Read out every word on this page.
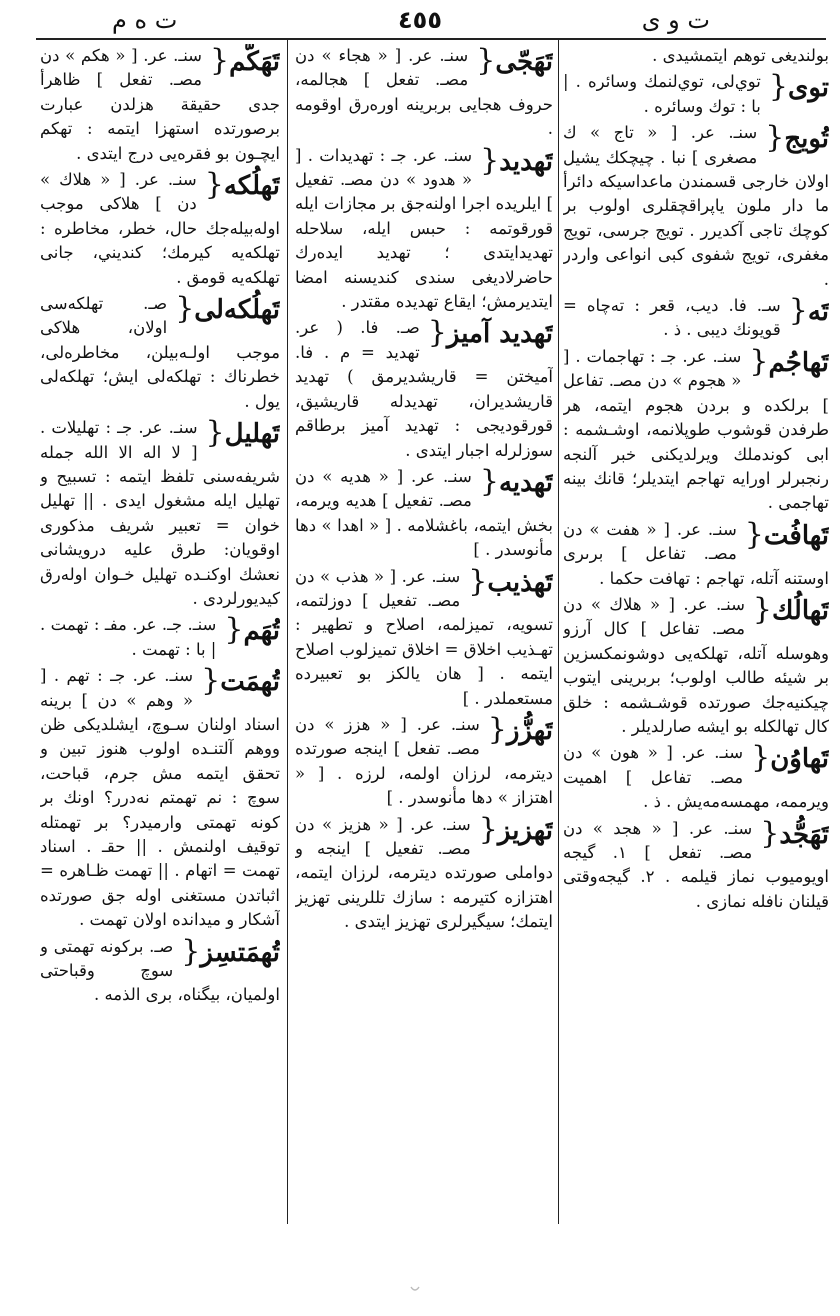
ت و ى
٤٥٥
ت ه م
بولنديغى توهم ايتمشيدى .
توى{
توي‌لى، توي‌لنمك وسائره . | با : توك وسائره .
تُويج{
سنـ. عر. [ « تاج » ك مصغرى ] نبا . چيچكك يشيل اولان خارجى قسمندن ماعداسيكه دائرأ ما دار ملون ياپراقچقلرى اولوب بر كوچك تاجى آكديرر . تويج جرسى، تويج مغفرى، تويج شفوى كبى انواعى واردر .
تَه{
سـ. فا. ديب، قعر : ته‌چاه = قويونك ديبى . ذ .
تَهاجُم{
سنـ. عر. جـ : تهاجمات . [ « هجوم » دن مصـ. تفاعل ] برلكده و بردن هجوم ايتمه، هر طرفدن قوشوب طوپلانمه، اوشـشمه : ابى كوندملك ويرلديكنى خبر آلنجه رنجبرلر اورايه تهاجم ايتديلر؛ قانك بينه تهاجمى .
تَهافُت{
سنـ. عر. [ « هفت » دن مصـ. تفاعل ] برىرى اوستنه آتله، تهاجم : تهافت حكما .
تَهالُك{
سنـ. عر. [ « هلاك » دن مصـ. تفاعل ] كال آرزو وهوسله آتله، تهلكه‌يى دوشونمكسزين بر شيئه طالب اولوب؛ بربرينى ايتوب چيكنيه‌جك صورتده قوشـشمه : خلق كال تهالكله بو ايشه صارلديلر .
تَهاوُن{
سنـ. عر. [ « هون » دن مصـ. تفاعل ] اهميت ويرممه، مهمسه‌مه‌يش . ذ .
تَهَجُّد{
سنـ. عر. [ « هجد » دن مصـ. تفعل ] ١. گيجه اويوميوب نماز قيلمه . ٢. گيجه‌وقتى قيلنان نافله نمازى .
تَهَجّى{
سنـ. عر. [ « هجاء » دن مصـ. تفعل ] هجالمه، حروف هجايى بربرينه اوره‌رق اوقومه .
تَهديد{
سنـ. عر. جـ : تهديدات . [ « هدود » دن مصـ. تفعيل ] ايلريده اجرا اولنه‌جق بر مجازات ايله قورقوتمه : حبس ايله، سلاحله تهديدايتدى ؛ تهديد ايده‌رك حاضرلاديغى سندى كنديسنه امضا ايتديرمش؛ ايقاع تهديده مقتدر .
تَهديد آميز{
صـ. فا. ( عر. تهديد = م . فا. آميختن = قاريشديرمق ) تهديد قاريشديران، تهديدله قاريشيق، قورقوديجى : تهديد آميز برطاقم سوزلرله اجبار ايتدى .
تَهديه{
سنـ. عر. [ « هديه » دن مصـ. تفعيل ] هديه ويرمه، بخش ايتمه، باغشلامه . [ « اهدا » دها مأنوسدر . ]
تَهذيب{
سنـ. عر. [ « هذب » دن مصـ. تفعيل ] دوزلتمه، تسويه، تميزلمه، اصلاح و تطهير : تهـذيب اخلاق = اخلاق تميزلوب اصلاح ايتمه . [ هان يالكز بو تعبيرده مستعملدر . ]
تَهزُّز{
سنـ. عر. [ « هزز » دن مصـ. تفعل ] اينجه صورتده ديترمه، لرزان اولمه، لرزه . [ « اهتزاز » دها مأنوسدر . ]
تَهزيز{
سنـ. عر. [ « هزيز » دن مصـ. تفعيل ] اينجه و دواملى صورتده ديترمه، لرزان ايتمه، اهتزازه كتيرمه : سازك تللرينى تهزيز ايتمك؛ سيگيرلرى تهزيز ايتدى .
تَهَكُّم{
سنـ. عر. [ « هكم » دن مصـ. تفعل ] ظاهرأ جدى حقيقة هزلدن عبارت برصورتده استهزا ايتمه : تهكم ايچـون بو فقره‌يى درج ايتدى .
تَهلُكه{
سنـ. عر. [ « هلاك » دن ] هلاكى موجب اوله‌بيله‌جك حال، خطر، مخاطره : تهلكه‌يه كيرمك؛ كنديني، جانى تهلكه‌يه قومق .
تَهلُكه‌لى{
صـ. تهلكه‌سى اولان، هلاكى موجب اولـه‌بيلن، مخاطره‌لى، خطرناك : تهلكه‌لى ايش؛ تهلكه‌لى يول .
تَهليل{
سنـ. عر. جـ : تهليلات . [ لا اله الا الله جمله شريفه‌سنى تلفظ ايتمه : تسبيح و تهليل ايله مشغول ايدى . || تهليل خوان = تعبير شريف مذكورى اوقويان: طرق عليه درويشانى نعشك اوكنـده تهليل خـوان اوله‌رق كيديورلردى .
تُهَم{
سنـ. جـ. عر. مفـ : تهمت . | با : تهمت .
تُهمَت{
سنـ. عر. جـ : تهم . [ « وهم » دن ] برينه اسناد اولنان سـوچ، ايشلديكى ظن ووهم آلتنـده اولوب هنوز تبين و تحقق ايتمه مش جرم، قباحت، سوچ : نم تهمتم نه‌درر؟ اونك بر كونه تهمتى وارميدر؟ بر تهمتله توقيف اولنمش . || حقـ . اسناد تهمت = اتهام . || تهمت ظـاهره = اثباتدن مستغنى اوله جق صورتده آشكار و ميدانده اولان تهمت .
تُهمَتسِز{
صـ. بركونه تهمتى و سوچ وقباحتى اولميان، بيگناه، برى الذمه .
